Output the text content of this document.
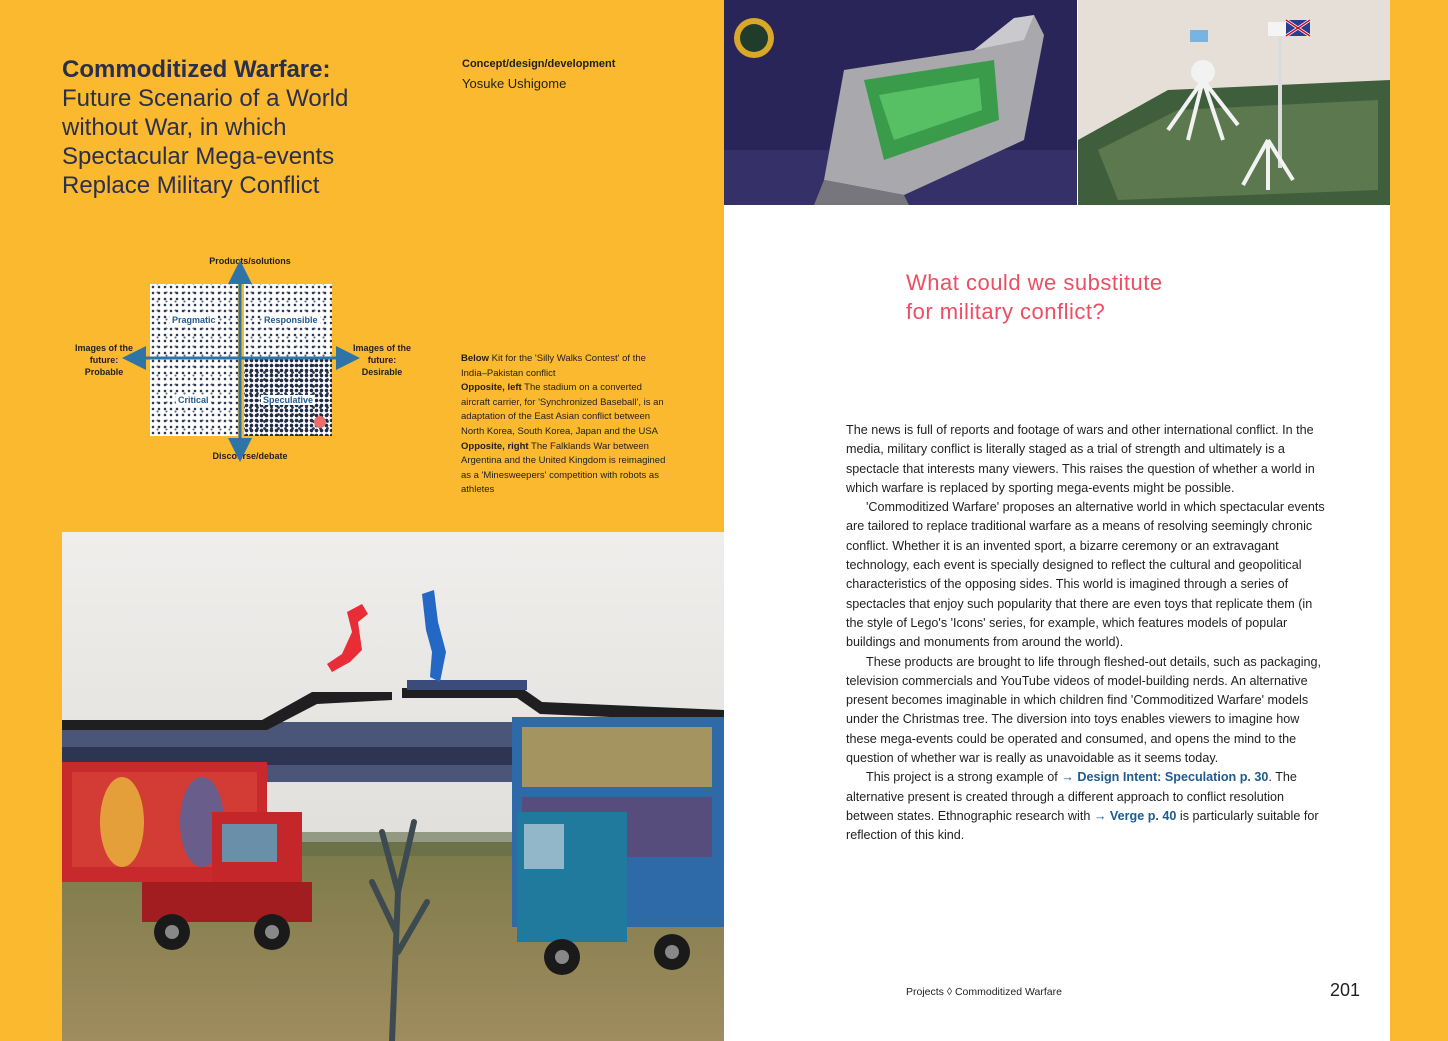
Commoditized Warfare:
Future Scenario of a World without War, in which Spectacular Mega-events Replace Military Conflict
Concept/design/development
Yosuke Ushigome
Products/solutions
Discourse/debate
Images of the future: Probable
Images of the future: Desirable
Pragmatic	Responsible
Critical	Speculative
Below Kit for the 'Silly Walks Contest' of the India–Pakistan conflict
Opposite, left The stadium on a converted aircraft carrier, for 'Synchronized Baseball', is an adaptation of the East Asian conflict between North Korea, South Korea, Japan and the USA
Opposite, right The Falklands War between Argentina and the United Kingdom is reimagined as a 'Minesweepers' competition with robots as athletes
What could we substitute for military conflict?

The news is full of reports and footage of wars and other international conflict. In the media, military conflict is literally staged as a trial of strength and ultimately is a spectacle that interests many viewers. This raises the question of whether a world in which warfare is replaced by sporting mega-events might be possible.

'Commoditized Warfare' proposes an alternative world in which spectacular events are tailored to replace traditional warfare as a means of resolving seemingly chronic conflict. Whether it is an invented sport, a bizarre ceremony or an extravagant technology, each event is specially designed to reflect the cultural and geopolitical characteristics of the opposing sides. This world is imagined through a series of spectacles that enjoy such popularity that there are even toys that replicate them (in the style of Lego's 'Icons' series, for example, which features models of popular buildings and monuments from around the world).

These products are brought to life through fleshed-out details, such as packaging, television commercials and YouTube videos of model-building nerds. An alternative present becomes imaginable in which children find 'Commoditized Warfare' models under the Christmas tree. The diversion into toys enables viewers to imagine how these mega-events could be operated and consumed, and opens the mind to the question of whether war is really as unavoidable as it seems today.

This project is a strong example of → Design Intent: Speculation p. 30. The alternative present is created through a different approach to conflict resolution between states. Ethnographic research with → Verge p. 40 is particularly suitable for reflection of this kind.

Projects ◊ Commoditized Warfare	201
